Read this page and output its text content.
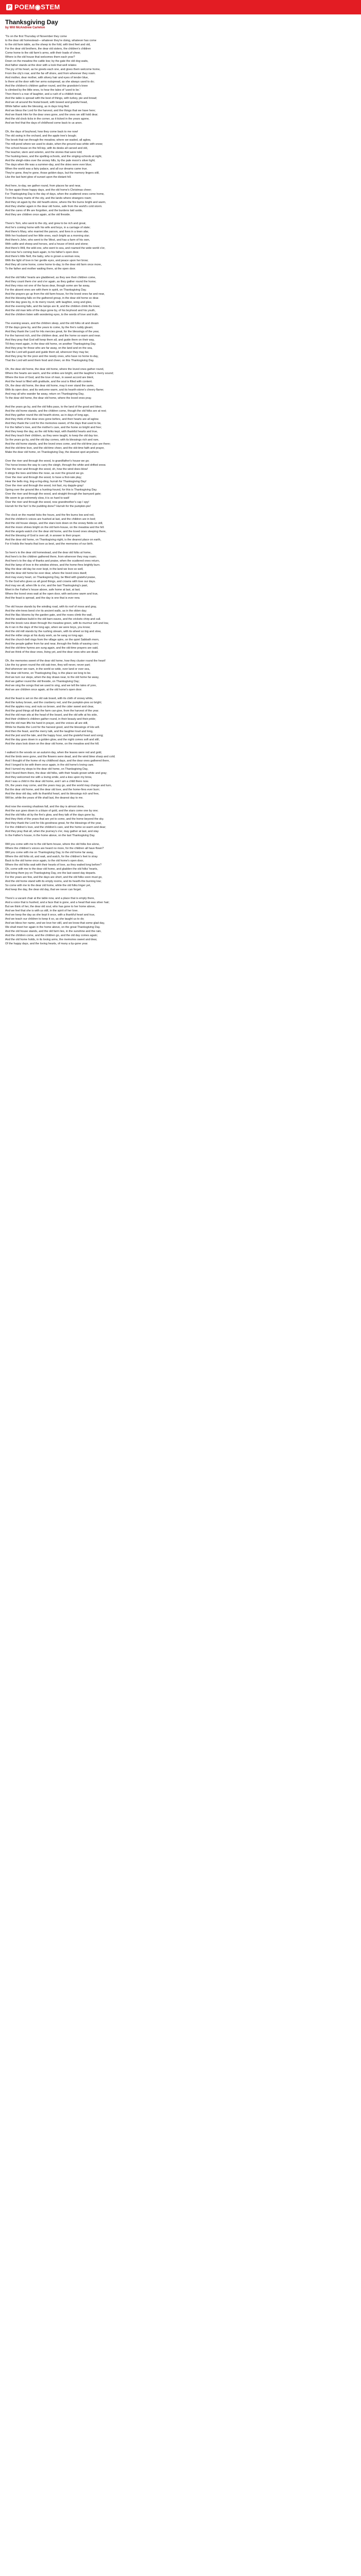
P POEM◉STEM
Thanksgiving Day
by Will McAndrew Carleton
'Tis on the first Thursday of November they come
to the dear old homestead— whatever they're doing, whatever has come
to the old farm table, as the sheep to the fold, with tired feet and old,
For the dear old brothers, the dear old sisters, the children's children
Come home to the old farm's arms, with their loads of cheer,
Where is the old house that welcomes them each year?
Down on the meadow the cattle low; by the gate the old dog waits,
And father stands at the door with a look that well relates
The joy of his heart, as he greets each one, and gives them welcome home,
From the city's roar, and the far-off shore, and from wherever they roam.
And mother, dear mother, with silvery hair and eyes of tender blue,
Is there at the door with her arms outspread, as she always used to do;
And the children's children gather round, and the grandsire's knee
Is climbed by the little ones, to hear the tales of 'used to be.'
Then there's a roar of laughter, and a rush of a childish tread,
And the table is spread with the best of things, with turkey, pie and bread;
And we sit around the festal board, with bowed and grateful head,
While father asks the blessing, as in days long fled.
And we bless the Lord for the harvest, and the things that we have here;
And we thank Him for the dear ones gone, and the ones we still hold dear;
And the old clock ticks in the corner, as it ticked in the years agone,
And we feel that the days of childhood come back to us anon.
Oh, the days of boyhood, how they come back to me now!
The old swing in the orchard, and the apple tree's bough;
The brook that ran through the meadow, where we waded, all aglow,
The mill-pond where we used to skate, when the ground was white with snow;
The school-house on the hill-top, with its desks all carved and old,
The teacher, stern and solemn, and the stories that were told;
The husking-bees, and the spelling-schools, and the singing-schools at night,
And the sleigh-rides over the snowy hills, by the pale moon's silver light;
The days when life was a summer-day, and the skies were ever blue;
When the world was a fairy palace, and all our dreams came true.
They're gone, they're gone, those golden days, but the memory lingers still,
Like the last faint glow of sunset upon the distant hill.
And here, to-day, we gather round, from places far and near,
To live again those happy days, and the old home's Christmas cheer;
For Thanksgiving Day is the day of days, when the scattered ones come home,
From the busy marts of the city, and the lands where strangers roam;
And they sit again by the old hearth-stone, where the fire burns bright and warm,
And they shelter again in the dear old home, safe from the world's cold storm.
And the cares of life are forgotten, and the burdens laid aside,
And they are children once again, at the old fireside.
There's Tom, who went to the city, and grew to be rich and great,
And he's coming home with his wife and boys, in a carriage of state;
And there's Mary, who married the parson, and lives in a town afar,
With her husband and her little ones, each bright as a morning star;
And there's John, who went to the West, and has a farm of his own,
With cattle and sheep and horses, and a house of brick and stone;
And there's Will, the wild one, who went to sea, and roamed the wide world o'er,
And now he's coming back again, to his father's open door.
And there's little Nell, the baby, who is grown a woman now,
With the light of love in her gentle eyes, and peace upon her brow;
And they all come home, come home to-day, to the dear old farm once more,
To the father and mother waiting there, at the open door.
And the old folks' hearts are gladdened, as they see their children come,
And they count them o'er and o'er again, as they gather round the home;
And they miss not one of the faces dear, though some are far away,
For the absent ones are with them in spirit, on Thanksgiving Day.
And the prayers go up from the old farm-house, for the loved ones far and near,
And the blessing falls on the gathered group, in the dear old home so dear.
And the day goes by, in its merry round, with laughter, song and glee,
And the evening falls, and the lamps are lit, and the children climb the knee;
And the old man tells of the days gone by, of his boyhood and his youth,
And the children listen with wondering eyes, to the words of love and truth.
The evening wears, and the children sleep, and the old folks sit and dream
Of the days gone by, and the years to come, by the fire's ruddy gleam;
And they thank the Lord for His mercies great, for the blessings of the year,
For the harvest rich, and the children dear, and the home so warm and near.
And they pray that God will keep them all, and guide them on their way,
Till they meet again, in the dear old home, on another Thanksgiving Day.
And they pray for those who are far away, on the land and on the sea,
That the Lord will guard and guide them all, wherever they may be;
And they pray for the poor and the needy ones, who have no home to-day,
That the Lord will send them food and cheer, on this Thanksgiving Day.
Oh, the dear old home, the dear old home, where the loved ones gather round,
Where the hearts are warm, and the smiles are bright, and the laughter's merry sound;
Where the love of God, and the love of man, in sweet accord are blent,
And the heart is filled with gratitude, and the soul is filled with content.
Oh, the dear old home, the dear old home, may it ever stand the same,
With its open door, and its welcome warm, and its hearth-stone's cheery flame;
And may all who wander far away, return on Thanksgiving Day,
To the dear old home, the dear old home, where the loved ones pray.
And the years go by, and the old folks pass, to the land of the good and blest,
And the old home stands, and the children come, though the old folks are at rest;
And they gather round the old hearth-stone, as in days of long ago,
And they think of the dear ones gone before, and their hearts are all aglow.
And they thank the Lord for the memories sweet, of the days that used to be,
For the father's love, and the mother's care, and the home so bright and free;
And they keep the day, as the old folks kept, with thankful hearts and true,
And they teach their children, as they were taught, to keep the old day too.
So the years go by, and the old day comes, with its blessings rich and rare,
And the old home stands, and the loved ones come, and the old-time joys are there;
And the old-time love, and the old-time cheer, and the old-time faith and prayer,
Make the dear old home, on Thanksgiving Day, the dearest spot anywhere.
Over the river and through the wood, to grandfather's house we go;
The horse knows the way to carry the sleigh, through the white and drifted snow.
Over the river and through the wood, oh, how the wind does blow!
It stings the toes and bites the nose, as over the ground we go.
Over the river and through the wood, to have a first-rate play;
Hear the bells ring, ting-a-ling-ding, hurrah for Thanksgiving Day!
Over the river and through the wood, trot fast, my dapple-gray!
Spring over the ground like a hunting-hound, for this is Thanksgiving Day.
Over the river and through the wood, and straight through the barnyard gate;
We seem to go extremely slow, it is so hard to wait!
Over the river and through the wood, now grandmother's cap I spy!
Hurrah for the fun! Is the pudding done? Hurrah for the pumpkin-pie!
The clock on the mantel ticks the hours, and the fire burns low and red,
And the children's voices are hushed at last, and the children are in bed;
And the old house sleeps, and the stars look down on the snowy fields so still,
And the moon shines bright on the old farm-house, on the meadow and the hill.
And the angels watch o'er the dear old home, and the loved ones sleeping there,
And the blessing of God is over all, in answer to their prayer.
And the dear old home, on Thanksgiving night, is the dearest place on earth,
For it holds the hearts that love us best, and the memories of our birth.
So here's to the dear old homestead, and the dear old folks at home,
And here's to the children gathered there, from wherever they may roam;
And here's to the day of thanks and praise, when the scattered ones return,
And the lamp of love in the window shines, and the home-fires brightly burn.
May the dear old day be ever kept, in the land we love so well,
And the dear old home be ever dear, where the loved ones dwell;
And may every heart, on Thanksgiving Day, be filled with grateful praise,
To the God who gives us all good things, and crowns with love our days.
And may we all, when life is o'er, and the last Thanksgiving's past,
Meet in the Father's house above, safe home at last, at last;
Where the loved ones wait at the open door, with welcome warm and true,
And the feast is spread, and the day is one that is ever new.
The old house stands by the winding road, with its roof of moss and gray,
And the elm-trees bend o'er its ancient walls, as in the olden day;
And the lilac blooms by the garden gate, and the roses climb the wall,
And the swallows build in the old barn-eaves, and the crickets chirp and call.
And the brook runs down through the meadow green, with its murmur soft and low,
As it ran in the days of the long ago, when we were boys, you know;
And the old mill stands by the rushing stream, with its wheel so big and slow,
And the miller sings at his dusty work, as he sang so long ago.
And the church-bell rings from the village spire, on the quiet Sabbath morn,
And the people gather from far and near, through the fields of waving corn;
And the old-time hymns are sung again, and the old-time prayers are said,
And we think of the dear ones, living yet, and the dear ones who are dead.
Oh, the memories sweet of the dear old home, how they cluster round the heart!
Like the ivy green round the old oak-tree, they will never, never part;
And wherever we roam, in the world so wide, over land or over sea,
The dear old home, on Thanksgiving Day, is the place we long to be.
And we turn our steps, when the day draws near, to the old home far away,
And we gather round the old fireside, on Thanksgiving Day;
And we sing the songs that we used to sing, and we tell the tales of yore,
And we are children once again, at the old home's open door.
And the feast is set on the old oak board, with its cloth of snowy white,
And the turkey brown, and the cranberry red, and the pumpkin-pies so bright;
And the apples rosy, and nuts so brown, and the cider sweet and clear,
And the good things all that the farm can give, from the harvest of the year.
And the old man sits at the head of the board, and the old wife at his side,
And their children's children gather round, in their beauty and their pride;
And the old man lifts his hand in prayer, and the voices all are still,
While he thanks the Lord for the harvest good, and the blessings of His will.
And then the feast, and the merry talk, and the laughter loud and long,
And the jest and the tale, and the happy hour, and the grateful heart and song;
And the day goes down in a golden glow, and the night comes soft and still,
And the stars look down on the dear old home, on the meadow and the hill.
I walked in the woods on an autumn day, when the leaves were red and gold,
And the birds were gone, and the flowers were dead, and the wind blew sharp and cold;
And I thought of the home of my childhood days, and the dear ones gathered there,
And I longed to be with them once again, in the old home's loving care.
And I turned my steps to the dear old home, on Thanksgiving Day,
And I found them there, the dear old folks, with their heads grown white and gray;
And they welcomed me with a loving smile, and a kiss upon my brow,
And I was a child in the dear old home, and I am a child there now.
Oh, the years may come, and the years may go, and the world may change and turn,
But the dear old home, and the dear old love, and the home-fires ever burn;
And the dear old day, with its thankful heart, and its blessings rich and free,
Will be, while the years of life shall last, the dearest day to me.
And now the evening shadows fall, and the day is almost done,
And the sun goes down in a blaze of gold, and the stars come one by one;
And the old folks sit by the fire's glow, and they talk of the days gone by,
And they think of the years that are yet to come, and the home beyond the sky.
And they thank the Lord for His goodness great, for the blessings of the year,
For the children's love, and the children's care, and the home so warm and dear;
And they pray that all, when the journey's o'er, may gather at last, and stay
In the Father's house, in the home above, on the last Thanksgiving Day.
Will you come with me to the old farm-house, where the old folks live alone,
Where the children's voices are heard no more, for the children all have flown?
Will you come with me on Thanksgiving Day, to the old home far away,
Where the old folks sit, and wait, and watch, for the children's feet to stray
Back to the old home once again, to the old home's open door,
Where the old folks wait with their hearts of love, as they waited long before?
Oh, come with me to the dear old home, and gladden the old folks' hearts,
And bring them joy on Thanksgiving Day, ere the last sweet day departs.
For the years are few, and the days are short, and the old folks soon must go,
And the old home stand with its empty rooms, and its hearth-fire burning low;
So come with me to the dear old home, while the old folks linger yet,
And keep the day, the dear old day, that we never can forget.
There's a vacant chair at the table now, and a place that is empty there,
And a voice that is hushed, and a face that is gone, and a head that was silver hair;
But we think of her, the dear old soul, who has gone to her home above,
And we feel that she is with us still, in the spirit of her love.
And we keep the day as she kept it once, with a thankful heart and true,
And we teach our children to keep it so, as she taught us to do;
And we bless her name, and we love her still, and we know that some glad day,
We shall meet her again in the home above, on the great Thanksgiving Day.
And the old house stands, and the old farm lies, in the sunshine and the rain,
And the children come, and the children go, and the old day comes again;
And the old home holds, in its loving arms, the memories sweet and dear,
Of the happy days, and the loving hearts, of many a by-gone year.
